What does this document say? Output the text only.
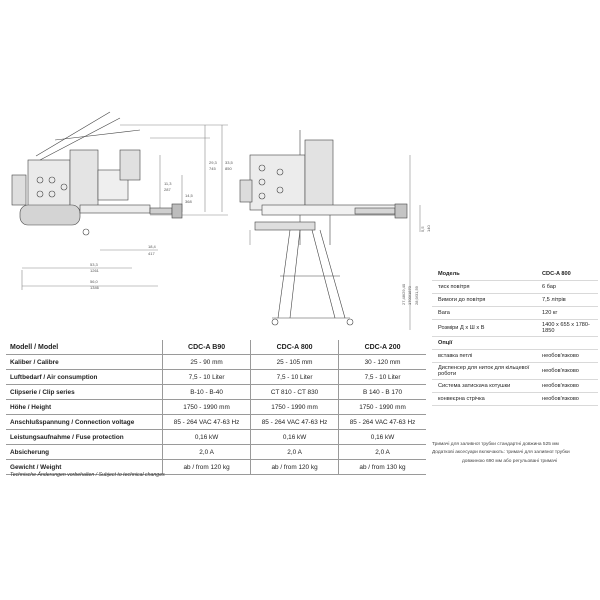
53,3
1261
56,0
1346
18,4
417
29,3
745
33,5
850
11,3
287
14,5
368
27,48/29,40 1700/1870 28,9/31,59
5,5 140
Modell / Model	CDC-A B90	CDC-A 800	CDC-A 200
Kaliber / Calibre	25 - 90 mm	25 - 105 mm	30 - 120 mm
Luftbedarf / Air consumption	7,5 - 10 Liter	7,5 - 10 Liter	7,5 - 10 Liter
Clipserie / Clip series	B-10 - B-40	CT 810 - CT 830	B 140 - B 170
Höhe / Height	1750 - 1990 mm	1750 - 1990 mm	1750 - 1990 mm
Anschlußspannung / Connection voltage	85 - 264 VAC 47-63 Hz	85 - 264 VAC 47-63 Hz	85 - 264 VAC 47-63 Hz
Leistungsaufnahme / Fuse protection	0,16 kW	0,16 kW	0,16 kW
Absicherung	2,0 A	2,0 A	2,0 A
Gewicht / Weight	ab / from 120 kg	ab / from 120 kg	ab / from 130 kg
Technische Änderungen vorbehalten / Subject to technical changes
Модель	CDC-A 800
тиск повітря	6 бар
Вимоги до повітря	7,5 літрів
Вага	120 кг
Розміри Д х Ш х В	1400 x 655 x 1780-1850
Опції
вставка петлі	необов'язково
Диспенсер для ниток для кільцевої роботи	необов'язково
Система затискача котушки	необов'язково
конвеєрна стрічка	необов'язково
Тримачі для заливної трубки стандартні довжина 525 мм
Додаткові аксесуари включають: тримачі для заливної трубки
довжиною 690 мм або регульовані тримачі
